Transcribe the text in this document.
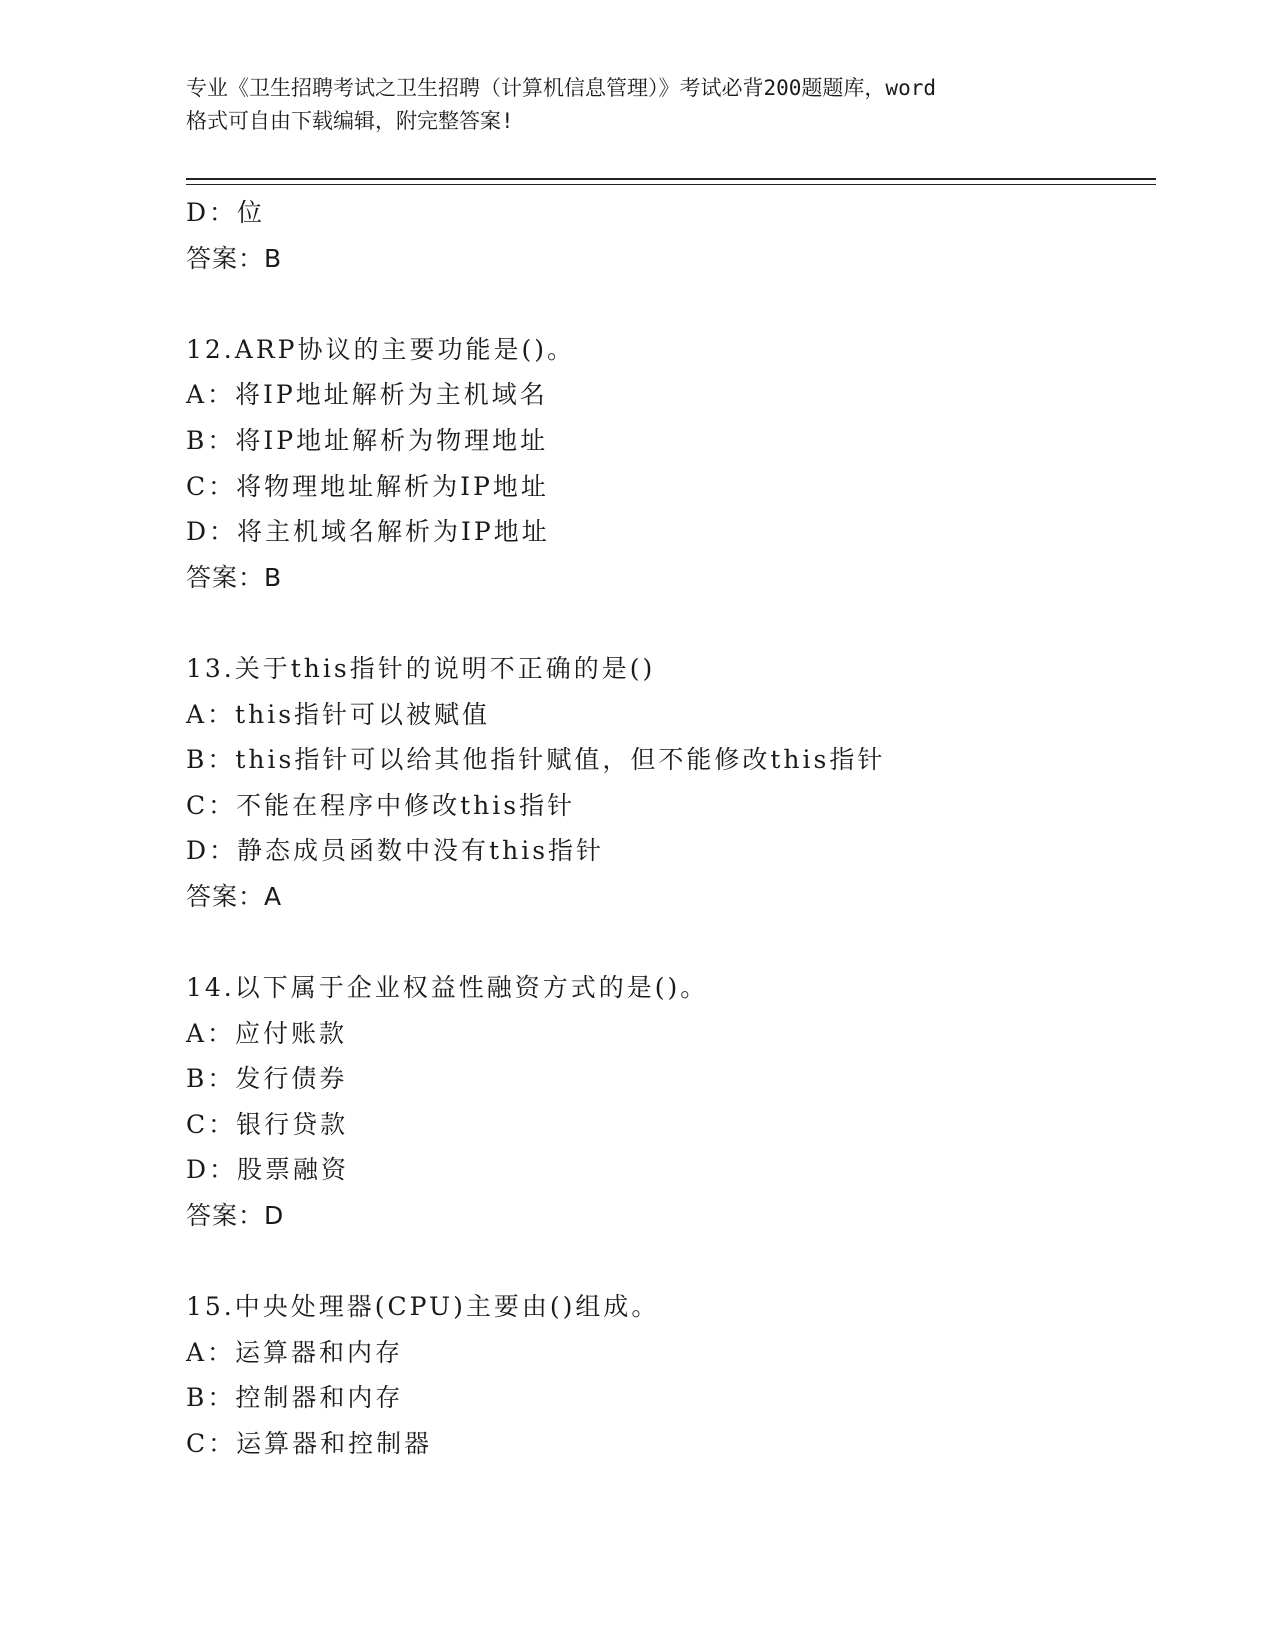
专业《卫生招聘考试之卫生招聘（计算机信息管理）》考试必背200题题库，word
格式可自由下载编辑，附完整答案!
D：位
答案：B
12.ARP协议的主要功能是()。
A：将IP地址解析为主机域名
B：将IP地址解析为物理地址
C：将物理地址解析为IP地址
D：将主机域名解析为IP地址
答案：B
13.关于this指针的说明不正确的是()
A：this指针可以被赋值
B：this指针可以给其他指针赋值，但不能修改this指针
C：不能在程序中修改this指针
D：静态成员函数中没有this指针
答案：A
14.以下属于企业权益性融资方式的是()。
A：应付账款
B：发行债券
C：银行贷款
D：股票融资
答案：D
15.中央处理器(CPU)主要由()组成。
A：运算器和内存
B：控制器和内存
C：运算器和控制器
